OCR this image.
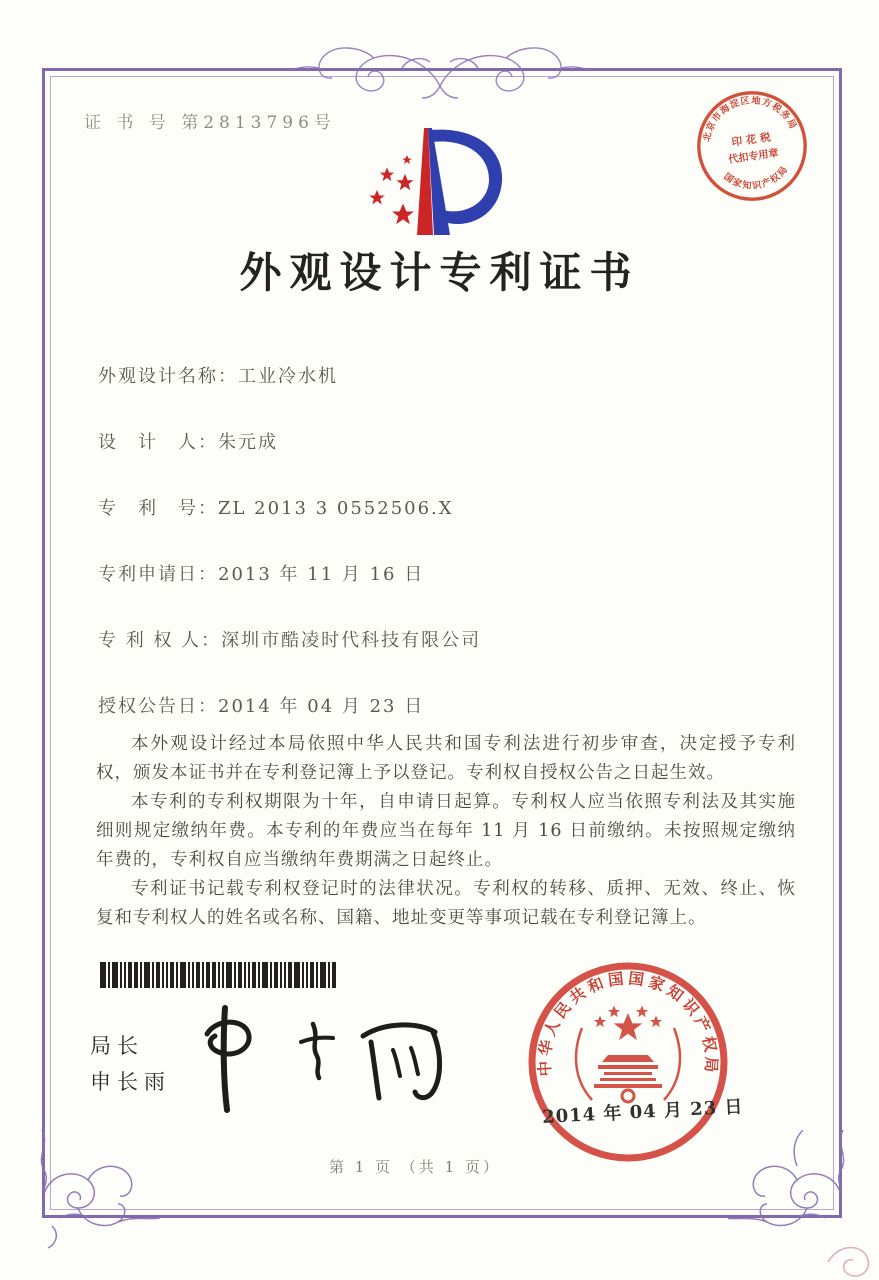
证 书 号 第2813796号
外观设计专利证书
北京市海淀区地方税务局
国家知识产权局
印 花 税
代扣专用章
外观设计名称：工业冷水机
设　计　人：朱元成
专　利　号：ZL 2013 3 0552506.X
专利申请日：2013 年 11 月 16 日
专 利 权 人：深圳市酷凌时代科技有限公司
授权公告日：2014 年 04 月 23 日

本外观设计经过本局依照中华人民共和国专利法进行初步审查，决定授予专利权，颁发本证书并在专利登记簿上予以登记。专利权自授权公告之日起生效。

本专利的专利权期限为十年，自申请日起算。专利权人应当依照专利法及其实施细则规定缴纳年费。本专利的年费应当在每年 11 月 16 日前缴纳。未按照规定缴纳年费的，专利权自应当缴纳年费期满之日起终止。

专利证书记载专利权登记时的法律状况。专利权的转移、质押、无效、终止、恢复和专利权人的姓名或名称、国籍、地址变更等事项记载在专利登记簿上。

局长
申长雨
中华人民共和国国家知识产权局
2014 年 04 月 23 日
第 1 页 （共 1 页）
